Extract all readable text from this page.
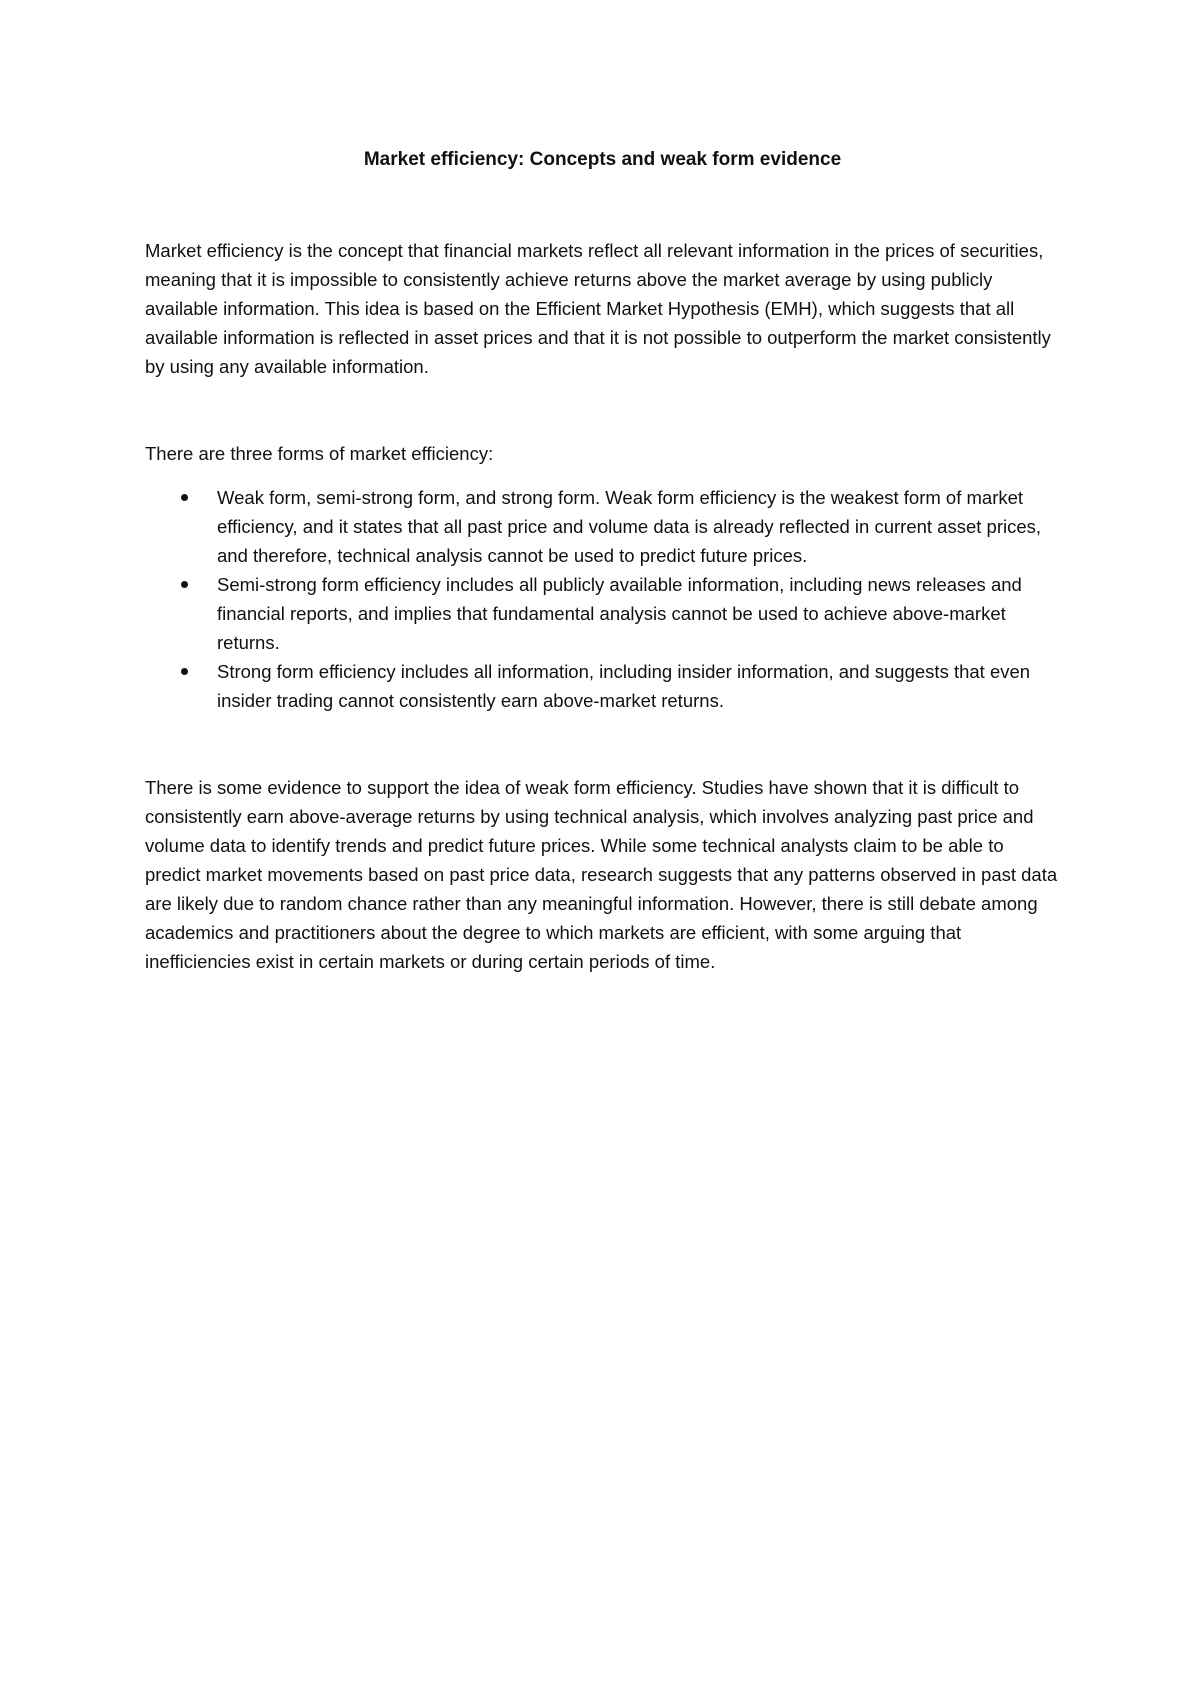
Market efficiency: Concepts and weak form evidence

Market efficiency is the concept that financial markets reflect all relevant information in the prices of securities, meaning that it is impossible to consistently achieve returns above the market average by using publicly available information. This idea is based on the Efficient Market Hypothesis (EMH), which suggests that all available information is reflected in asset prices and that it is not possible to outperform the market consistently by using any available information.

There are three forms of market efficiency:

Weak form, semi-strong form, and strong form. Weak form efficiency is the weakest form of market efficiency, and it states that all past price and volume data is already reflected in current asset prices, and therefore, technical analysis cannot be used to predict future prices.
Semi-strong form efficiency includes all publicly available information, including news releases and financial reports, and implies that fundamental analysis cannot be used to achieve above-market returns.
Strong form efficiency includes all information, including insider information, and suggests that even insider trading cannot consistently earn above-market returns.

There is some evidence to support the idea of weak form efficiency. Studies have shown that it is difficult to consistently earn above-average returns by using technical analysis, which involves analyzing past price and volume data to identify trends and predict future prices. While some technical analysts claim to be able to predict market movements based on past price data, research suggests that any patterns observed in past data are likely due to random chance rather than any meaningful information. However, there is still debate among academics and practitioners about the degree to which markets are efficient, with some arguing that inefficiencies exist in certain markets or during certain periods of time.
